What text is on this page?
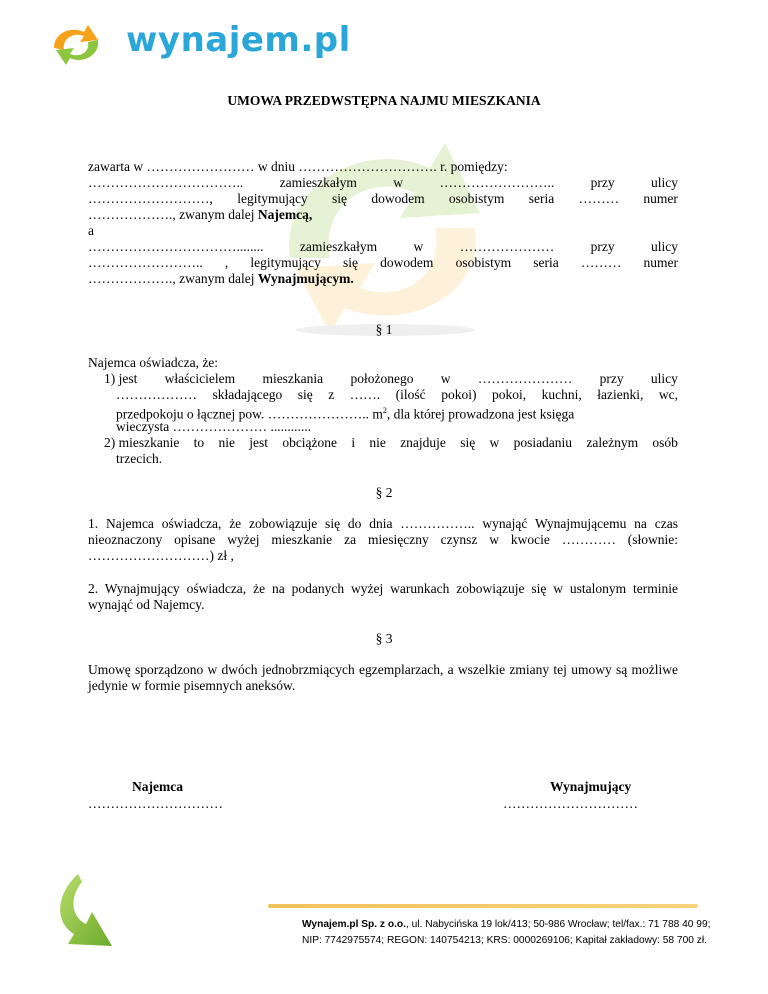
wynajem.pl
UMOWA PRZEDWSTĘPNA NAJMU MIESZKANIA
zawarta w …………………… w dniu …………………………. r. pomiędzy:
……………………………..	zamieszkałym	w	……………………..	przy	ulicy
………………………, legitymujący się dowodem osobistym seria ……… numer
………………., zwanym dalej Najemcą,
a
……………………………........	zamieszkałym	w	…………………	przy	ulicy
…………………….. , legitymujący się dowodem osobistym seria ……… numer
………………., zwanym dalej Wynajmującym.
§ 1
Najemca oświadcza, że:
1) jest właścicielem mieszkania położonego w ………………… przy ulicy
……………… składającego się z ……. (ilość pokoi) pokoi, kuchni, łazienki, wc,
przedpokoju o łącznej pow. ………………….. $m^2$, dla której prowadzona jest księga
wieczysta ………………… ............
2) mieszkanie to nie jest obciążone i nie znajduje się w posiadaniu zależnym osób
trzecich.
§ 2
1. Najemca oświadcza, że zobowiązuje się do dnia …………….. wynająć Wynajmującemu na czas nieoznaczony opisane wyżej mieszkanie za miesięczny czynsz w kwocie ………… (słownie: ………………………) zł ,
2. Wynajmujący oświadcza, że na podanych wyżej warunkach zobowiązuje się w ustalonym terminie wynająć od Najemcy.
§ 3
Umowę sporządzono w dwóch jednobrzmiących egzemplarzach, a wszelkie zmiany tej umowy są możliwe jedynie w formie pisemnych aneksów.
Najemca
…………………………
Wynajmujący
…………………………
Wynajem.pl Sp. z o.o., ul. Nabycińska 19 lok/413; 50-986 Wrocław; tel/fax.: 71 788 40 99;
NIP: 7742975574; REGON: 140754213; KRS: 0000269106; Kapitał zakładowy: 58 700 zł.
